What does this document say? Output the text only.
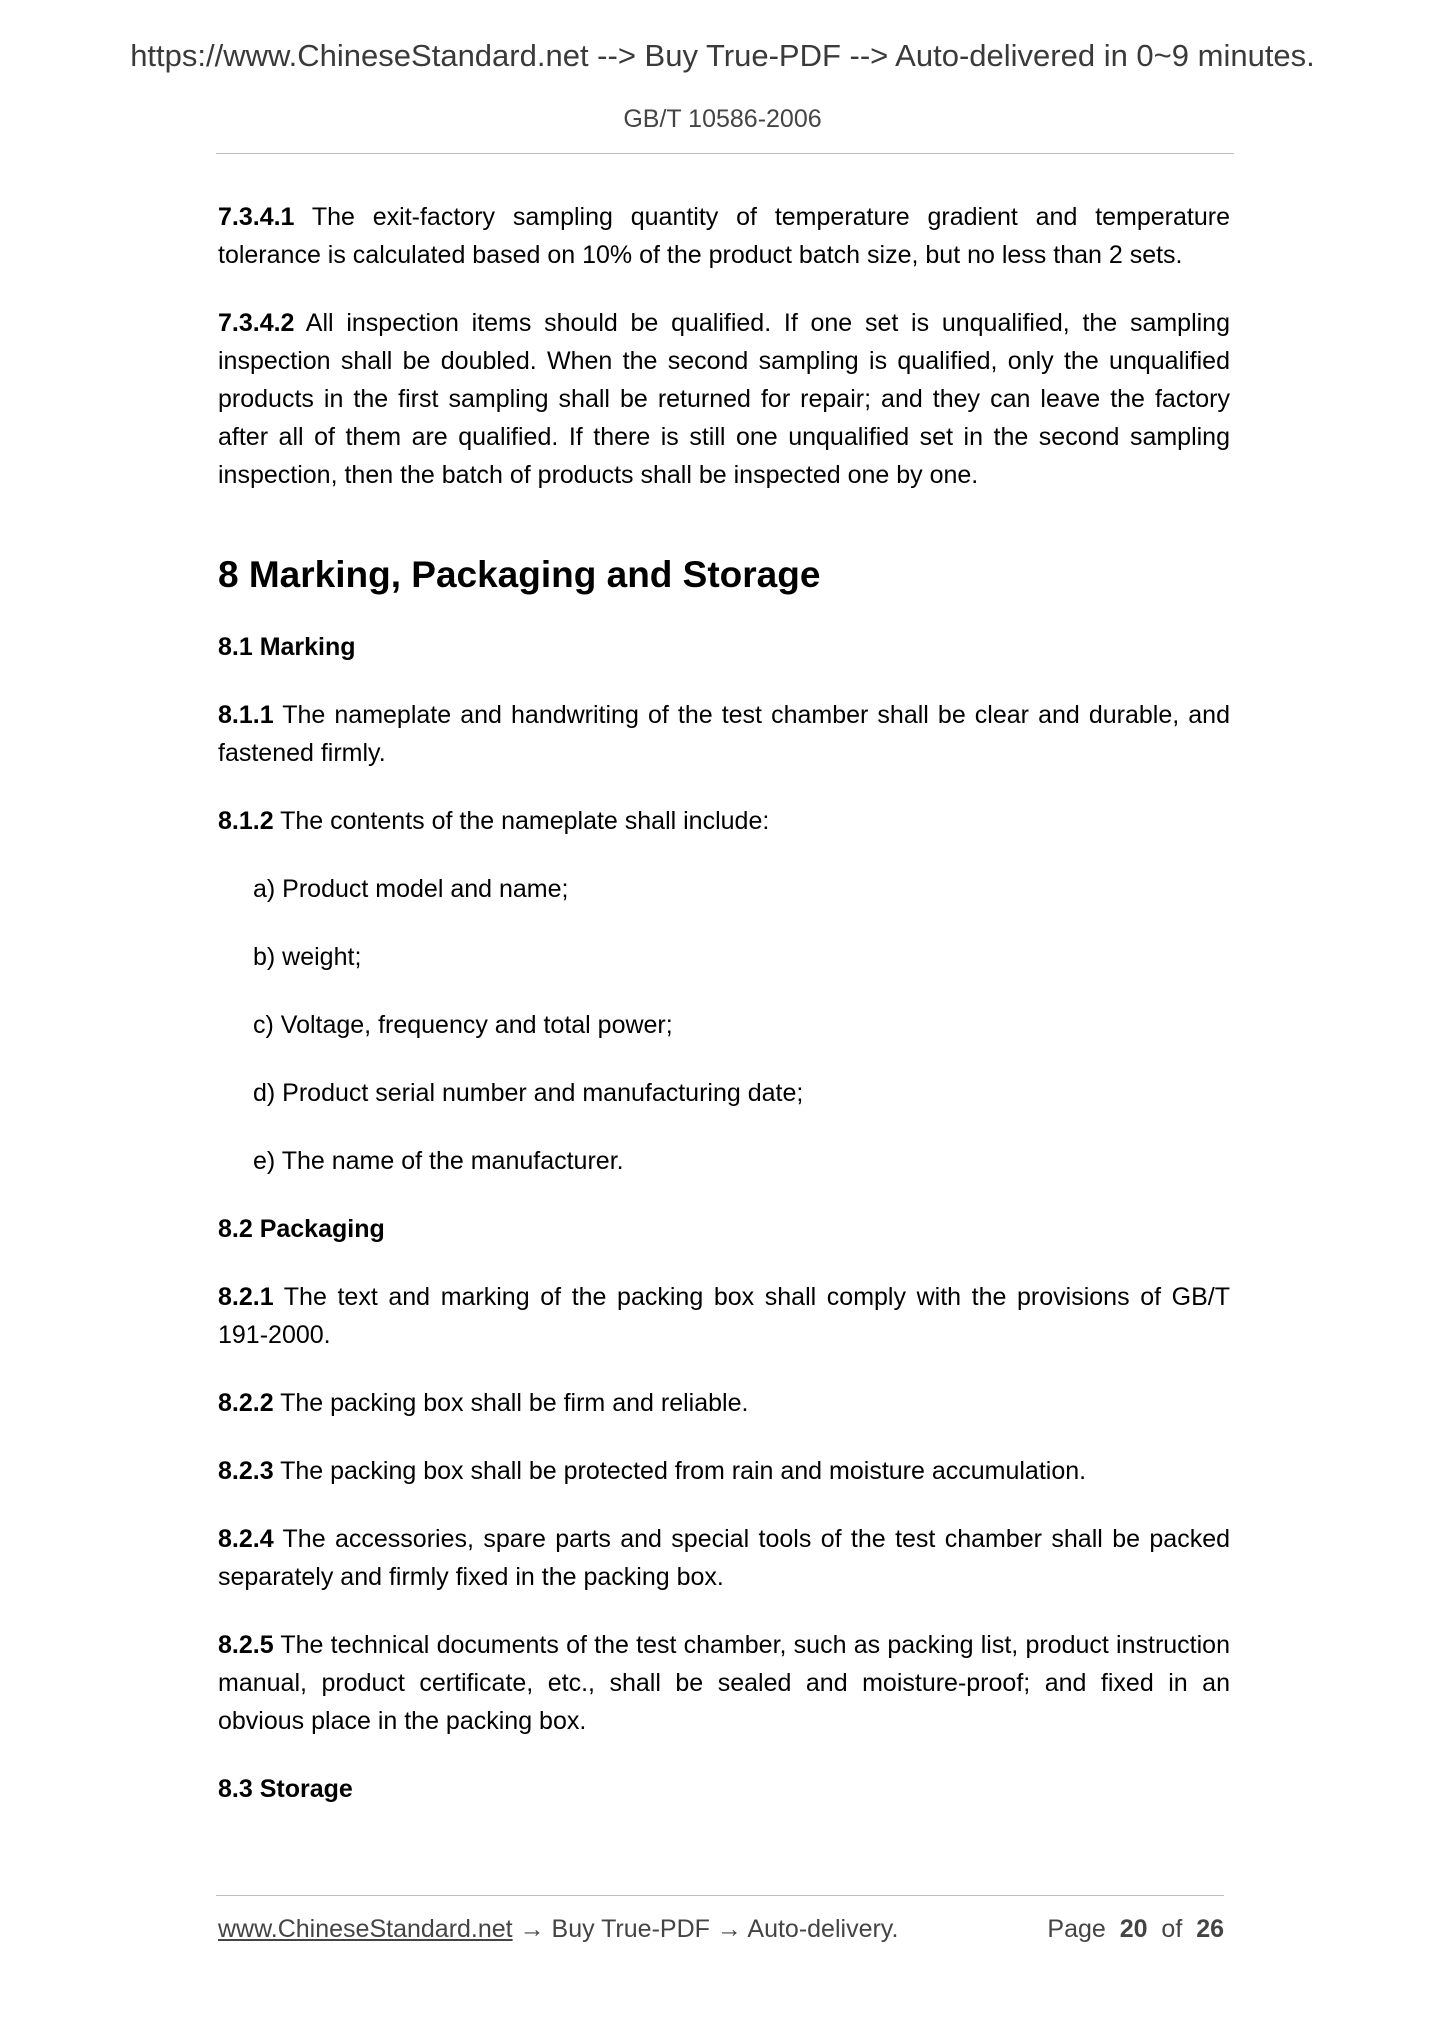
https://www.ChineseStandard.net --> Buy True-PDF --> Auto-delivered in 0~9 minutes.
GB/T 10586-2006

7.3.4.1 The exit-factory sampling quantity of temperature gradient and temperature tolerance is calculated based on 10% of the product batch size, but no less than 2 sets.

7.3.4.2 All inspection items should be qualified. If one set is unqualified, the sampling inspection shall be doubled. When the second sampling is qualified, only the unqualified products in the first sampling shall be returned for repair; and they can leave the factory after all of them are qualified. If there is still one unqualified set in the second sampling inspection, then the batch of products shall be inspected one by one.

8 Marking, Packaging and Storage

8.1 Marking

8.1.1 The nameplate and handwriting of the test chamber shall be clear and durable, and fastened firmly.

8.1.2 The contents of the nameplate shall include:

a) Product model and name;

b) weight;

c) Voltage, frequency and total power;

d) Product serial number and manufacturing date;

e) The name of the manufacturer.

8.2 Packaging

8.2.1 The text and marking of the packing box shall comply with the provisions of GB/T 191-2000.

8.2.2 The packing box shall be firm and reliable.

8.2.3 The packing box shall be protected from rain and moisture accumulation.

8.2.4 The accessories, spare parts and special tools of the test chamber shall be packed separately and firmly fixed in the packing box.

8.2.5 The technical documents of the test chamber, such as packing list, product instruction manual, product certificate, etc., shall be sealed and moisture-proof; and fixed in an obvious place in the packing box.

8.3 Storage

www.ChineseStandard.net → Buy True-PDF → Auto-delivery.	Page 20 of 26
